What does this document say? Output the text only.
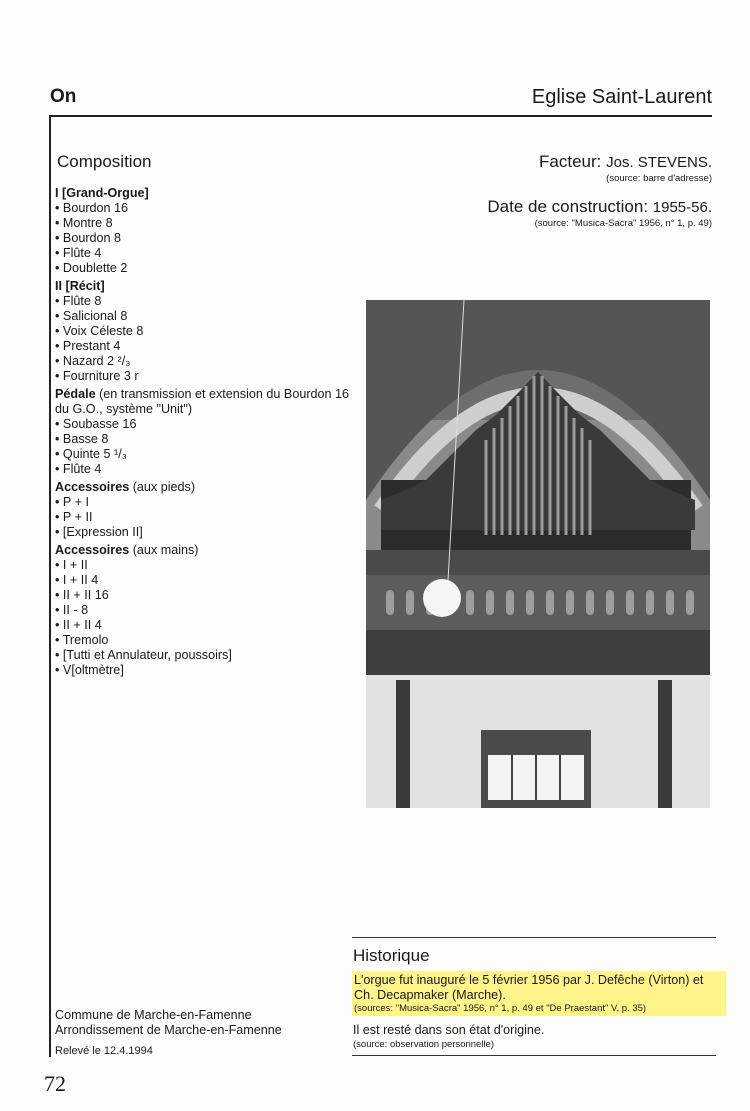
On	Eglise Saint-Laurent
Composition
I [Grand-Orgue]
• Bourdon 16
• Montre 8
• Bourdon 8
• Flûte 4
• Doublette 2
II [Récit]
• Flûte 8
• Salicional 8
• Voix Céleste 8
• Prestant 4
• Nazard 2 ²/₃
• Fourniture 3 r
Pédale (en transmission et extension du Bourdon 16 du G.O., système "Unit")
• Soubasse 16
• Basse 8
• Quinte 5 ¹/₃
• Flûte 4
Accessoires (aux pieds)
• P + I
• P + II
• [Expression II]
Accessoires (aux mains)
• I + II
• I + II 4
• II + II 16
• II - 8
• II + II 4
• Tremolo
• [Tutti et Annulateur, poussoirs]
• V[oltmètre]
Facteur: Jos. STEVENS.
(source: barre d'adresse)
Date de construction: 1955-56.
(source: "Musica-Sacra" 1956, n° 1, p. 49)
Historique
L'orgue fut inauguré le 5 février 1956 par J. Defêche (Virton) et
Ch. Decapmaker (Marche).
(sources: "Musica-Sacra" 1956, n° 1, p. 49 et "De Praestant" V, p. 35)
Il est resté dans son état d'origine.
(source: observation personnelle)
Commune de Marche-en-Famenne
Arrondissement de Marche-en-Famenne
Relevé le 12.4.1994
72
